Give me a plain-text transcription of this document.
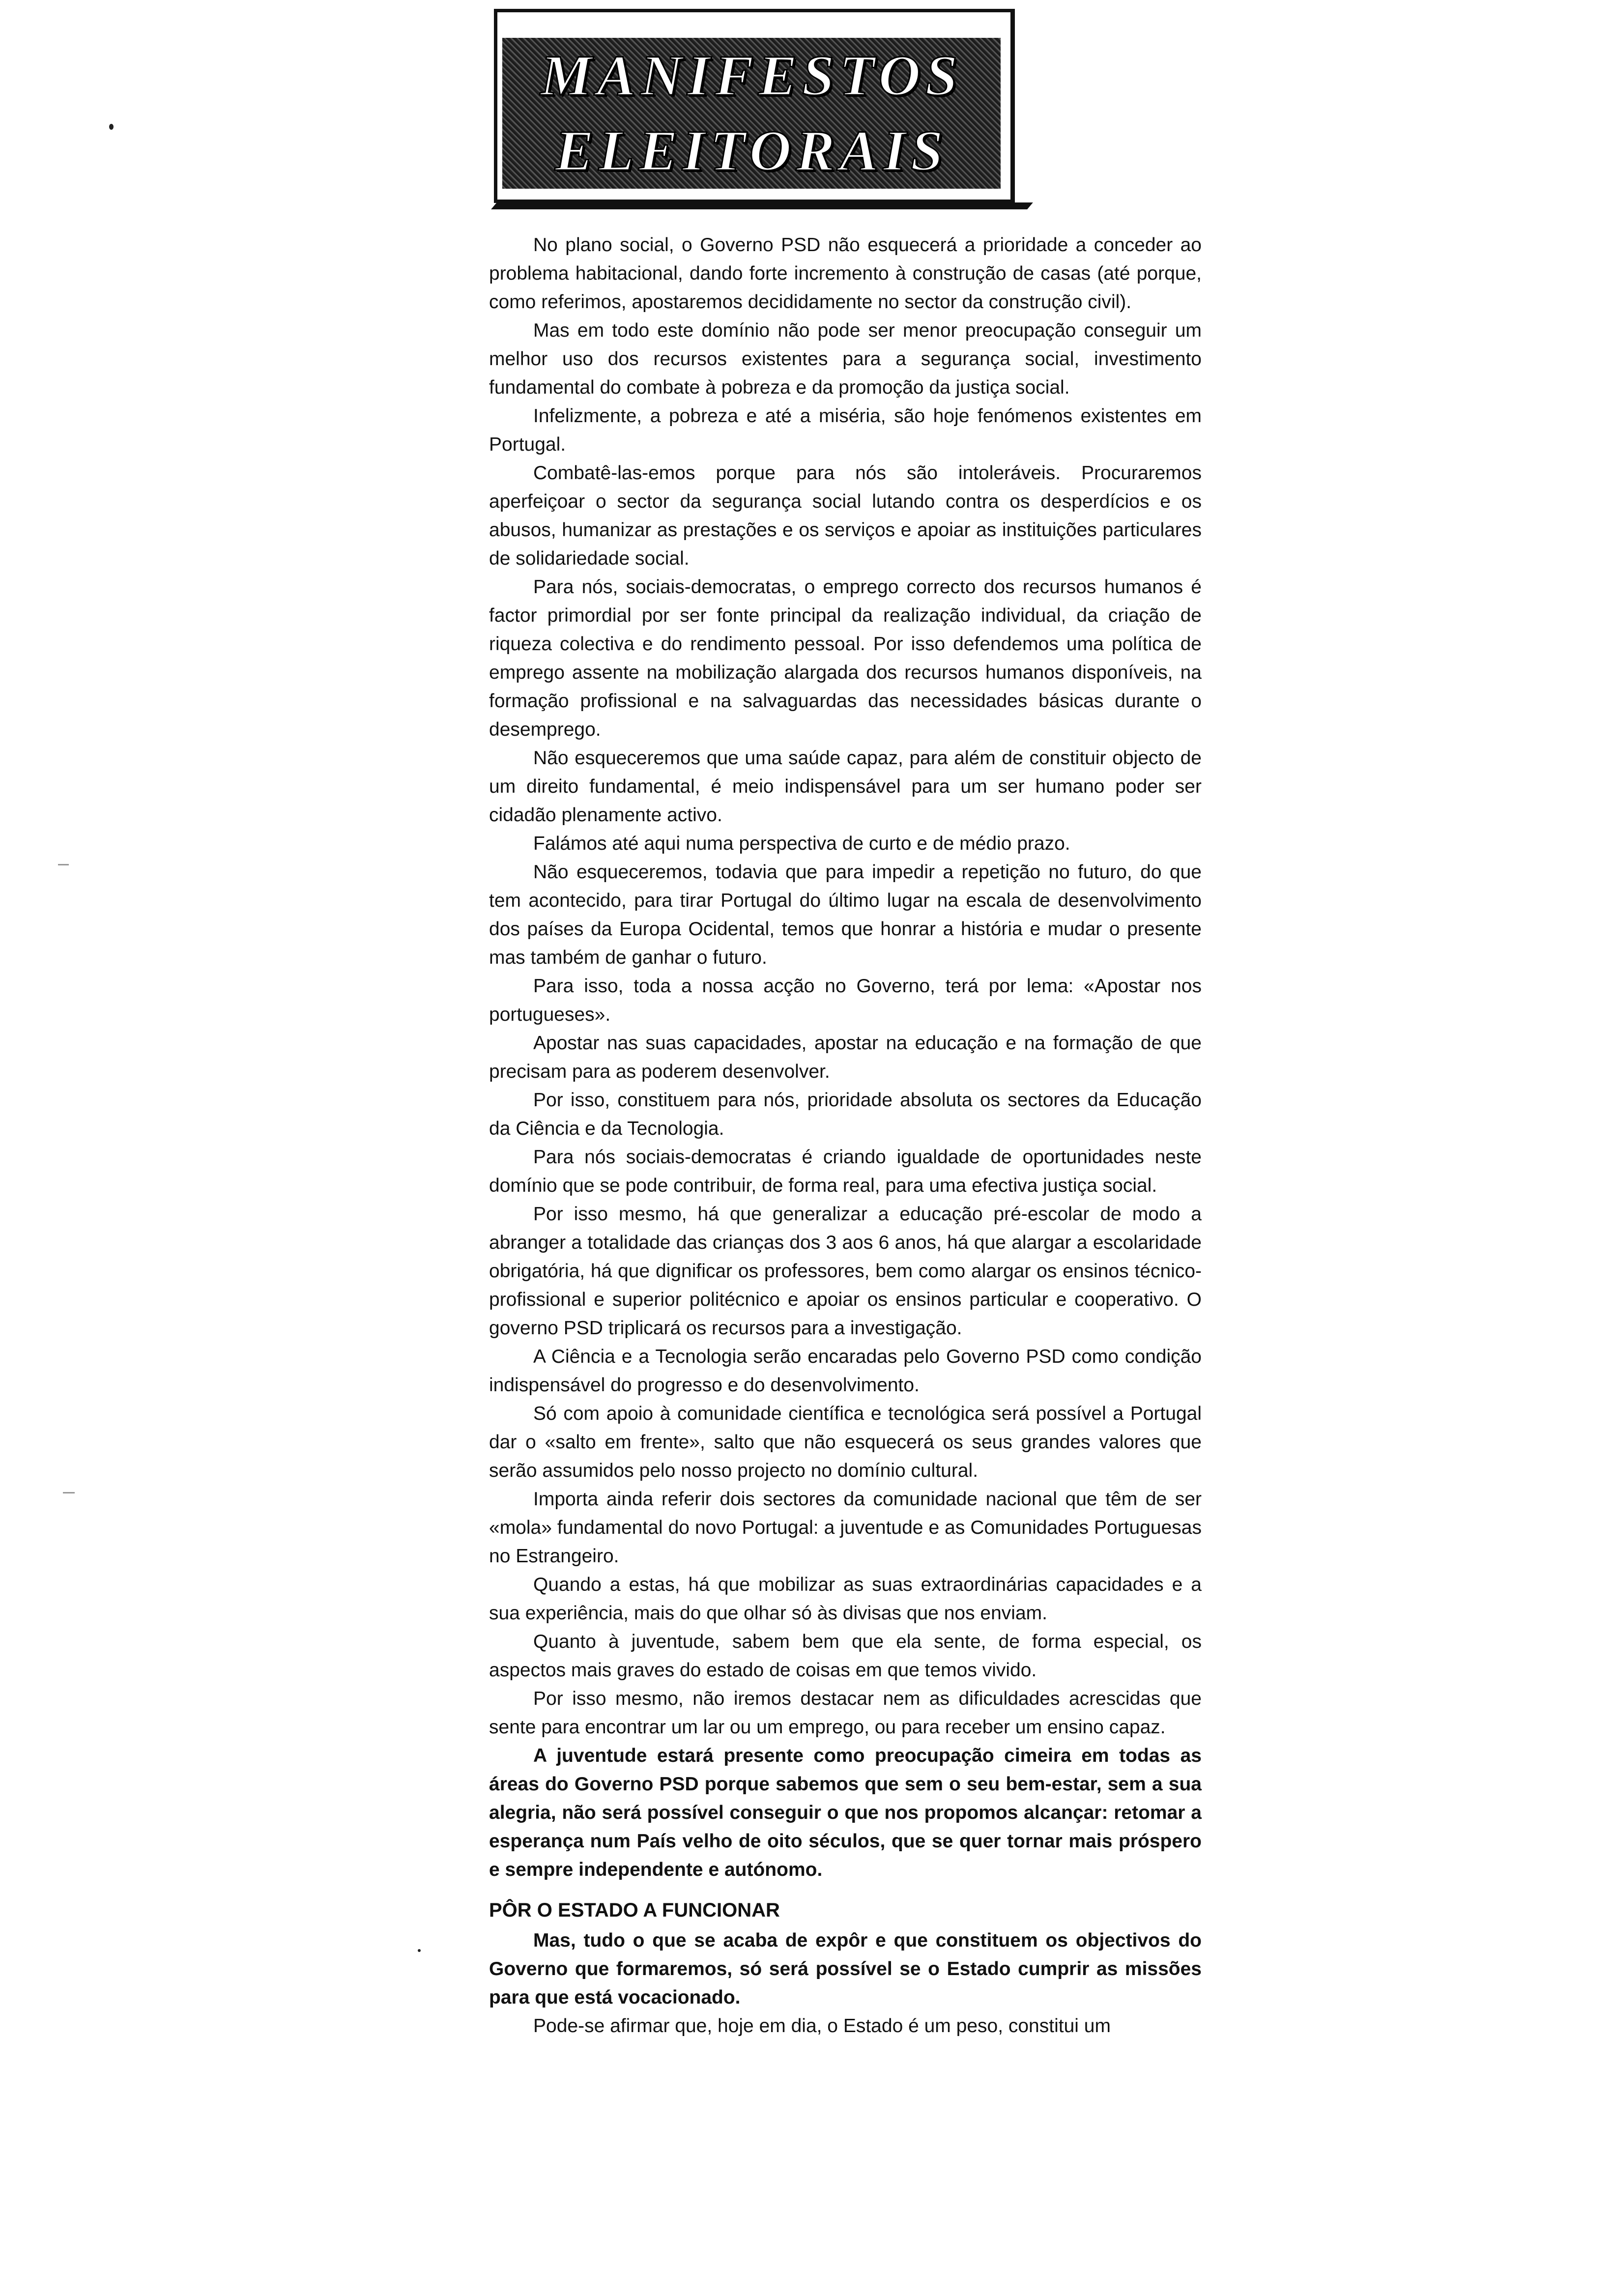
MANIFESTOS
ELEITORAIS

No plano social, o Governo PSD não esquecerá a prioridade a conceder ao problema habitacional, dando forte incremento à construção de casas (até porque, como referimos, apostaremos decididamente no sector da construção civil).

Mas em todo este domínio não pode ser menor preocupação conseguir um melhor uso dos recursos existentes para a segurança social, investimento fundamental do combate à pobreza e da promoção da justiça social.

Infelizmente, a pobreza e até a miséria, são hoje fenómenos existentes em Portugal.

Combatê-las-emos porque para nós são intoleráveis. Procuraremos aperfeiçoar o sector da segurança social lutando contra os desperdícios e os abusos, humanizar as prestações e os serviços e apoiar as instituições particulares de solidariedade social.

Para nós, sociais-democratas, o emprego correcto dos recursos humanos é factor primordial por ser fonte principal da realização individual, da criação de riqueza colectiva e do rendimento pessoal. Por isso defendemos uma política de emprego assente na mobilização alargada dos recursos humanos disponíveis, na formação profissional e na salvaguardas das necessidades básicas durante o desemprego.

Não esqueceremos que uma saúde capaz, para além de constituir objecto de um direito fundamental, é meio indispensável para um ser humano poder ser cidadão plenamente activo.

Falámos até aqui numa perspectiva de curto e de médio prazo.

Não esqueceremos, todavia que para impedir a repetição no futuro, do que tem acontecido, para tirar Portugal do último lugar na escala de desenvolvimento dos países da Europa Ocidental, temos que honrar a história e mudar o presente mas também de ganhar o futuro.

Para isso, toda a nossa acção no Governo, terá por lema: «Apostar nos portugueses».

Apostar nas suas capacidades, apostar na educação e na formação de que precisam para as poderem desenvolver.

Por isso, constituem para nós, prioridade absoluta os sectores da Educação da Ciência e da Tecnologia.

Para nós sociais-democratas é criando igualdade de oportunidades neste domínio que se pode contribuir, de forma real, para uma efectiva justiça social.

Por isso mesmo, há que generalizar a educação pré-escolar de modo a abranger a totalidade das crianças dos 3 aos 6 anos, há que alargar a escolaridade obrigatória, há que dignificar os professores, bem como alargar os ensinos técnico-profissional e superior politécnico e apoiar os ensinos particular e cooperativo. O governo PSD triplicará os recursos para a investigação.

A Ciência e a Tecnologia serão encaradas pelo Governo PSD como condição indispensável do progresso e do desenvolvimento.

Só com apoio à comunidade científica e tecnológica será possível a Portugal dar o «salto em frente», salto que não esquecerá os seus grandes valores que serão assumidos pelo nosso projecto no domínio cultural.

Importa ainda referir dois sectores da comunidade nacional que têm de ser «mola» fundamental do novo Portugal: a juventude e as Comunidades Portuguesas no Estrangeiro.

Quando a estas, há que mobilizar as suas extraordinárias capacidades e a sua experiência, mais do que olhar só às divisas que nos enviam.

Quanto à juventude, sabem bem que ela sente, de forma especial, os aspectos mais graves do estado de coisas em que temos vivido.

Por isso mesmo, não iremos destacar nem as dificuldades acrescidas que sente para encontrar um lar ou um emprego, ou para receber um ensino capaz.

A juventude estará presente como preocupação cimeira em todas as áreas do Governo PSD porque sabemos que sem o seu bem-estar, sem a sua alegria, não será possível conseguir o que nos propomos alcançar: retomar a esperança num País velho de oito séculos, que se quer tornar mais próspero e sempre independente e autónomo.

PÔR O ESTADO A FUNCIONAR

Mas, tudo o que se acaba de expôr e que constituem os objectivos do Governo que formaremos, só será possível se o Estado cumprir as missões para que está vocacionado.

Pode-se afirmar que, hoje em dia, o Estado é um peso, constitui um
